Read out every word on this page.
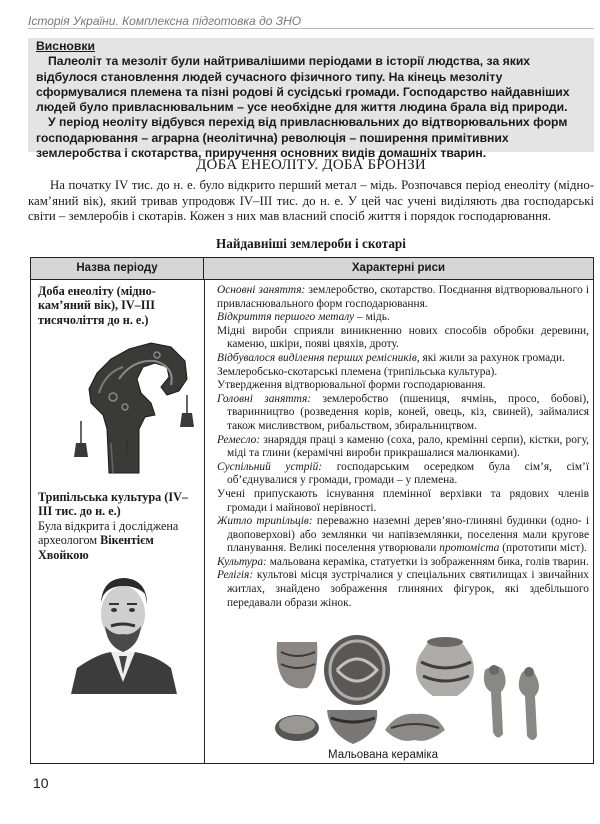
Історія України. Комплексна підготовка до ЗНО
Висновки

Палеоліт та мезоліт були найтривалішими періодами в історії людства, за яких відбулося становлення людей сучасного фізичного типу. На кінець мезоліту сформувалися племена та пізні родові й сусідські громади. Господарство найдавніших людей було привласнювальним – усе необхідне для життя людина брала від природи.

У період неоліту відбувся перехід від привласнювальних до відтворювальних форм господарювання – аграрна (неолітична) революція – поширення примітивних землеробства і скотарства, приручення основних видів домашніх тварин.

ДОБА ЕНЕОЛІТУ. ДОБА БРОНЗИ

На початку IV тис. до н. е. було відкрито перший метал – мідь. Розпочався період енеоліту (мідно-кам’яний вік), який тривав упродовж IV–III тис. до н. е. У цей час учені виділяють два господарські світи – землеробів і скотарів. Кожен з них мав власний спосіб життя і порядок господарювання.

Найдавніші землероби і скотарі
Назва періоду	Характерні риси
Доба енеоліту (мідно-кам’яний вік), IV–III тисячоліття до н. е.)
Трипільська культура (IV–III тис. до н. е.)
Була відкрита і досліджена археологом Вікентієм Хвойкою

Основні заняття: землеробство, скотарство. Поєднання відтворювального і привласнювального форм господарювання.

Відкриття першого металу – мідь.

Мідні вироби сприяли виникненню нових способів обробки деревини, каменю, шкіри, появі цвяхів, дроту.

Відбувалося виділення перших ремісників, які жили за рахунок громади.

Землеробсько-скотарські племена (трипільська культура).

Утвердження відтворювальної форми господарювання.

Головні заняття: землеробство (пшениця, ячмінь, просо, бобові), тваринництво (розведення корів, коней, овець, кіз, свиней), займалися також мисливством, рибальством, збиральництвом.

Ремесло: знаряддя праці з каменю (соха, рало, кремінні серпи), кістки, рогу, міді та глини (керамічні вироби прикрашалися малюнками).

Суспільний устрій: господарським осередком була сім’я, сім’ї об’єднувалися у громади, громади – у племена.

Учені припускають існування племінної верхівки та рядових членів громади і майнової нерівності.

Житло трипільців: переважно наземні дерев’яно-глиняні будинки (одно- і двоповерхові) або землянки чи напівземлянки, поселення мали кругове планування. Великі поселення утворювали протоміста (прототипи міст).

Культура: мальована кераміка, статуетки із зображенням бика, голів тварин.

Релігія: культові місця зустрічалися у спеціальних святилищах і звичайних житлах, знайдено зображення глиняних фігурок, які здебільшого передавали образи жінок.

Мальована кераміка
10
